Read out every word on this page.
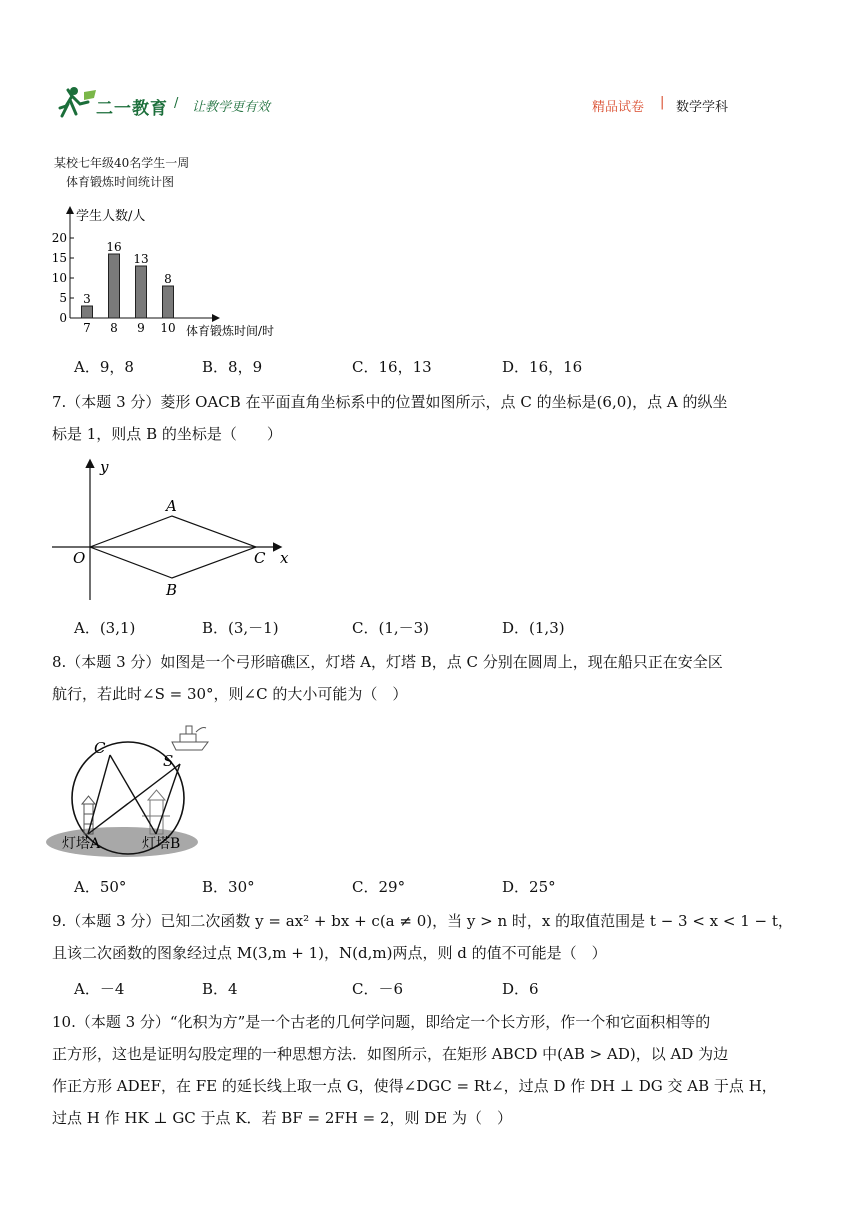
二一教育 / 让教学更有效	精品试卷 | 数学学科
某校七年级40名学生一周
体育锻炼时间统计图
学生人数/人
体育锻炼时间/时
0
5
10
15
20
3
7
16
8
13
9
8
10
A．9，8	B．8，9	C．16，13	D．16，16
7.（本题 3 分）菱形 OACB 在平面直角坐标系中的位置如图所示，点 C 的坐标是(6,0)，点 A 的纵坐
标是 1，则点 B 的坐标是（　　）
y
x
O
A
B
C
A．(3,1)	B．(3,－1)	C．(1,－3)	D．(1,3)
8.（本题 3 分）如图是一个弓形暗礁区，灯塔 A，灯塔 B，点 C 分别在圆周上，现在船只正在安全区
航行，若此时∠S = 30°，则∠C 的大小可能为（　）
C
S
灯塔A	灯塔B
A．50°	B．30°	C．29°	D．25°
9.（本题 3 分）已知二次函数 y = ax² + bx + c(a ≠ 0)，当 y > n 时，x 的取值范围是 t − 3 < x < 1 − t，
且该二次函数的图象经过点 M(3,m + 1)，N(d,m)两点，则 d 的值不可能是（　）
A．－4	B．4	C．－6	D．6
10.（本题 3 分）“化积为方”是一个古老的几何学问题，即给定一个长方形，作一个和它面积相等的
正方形，这也是证明勾股定理的一种思想方法．如图所示，在矩形 ABCD 中(AB > AD)，以 AD 为边
作正方形 ADEF，在 FE 的延长线上取一点 G，使得∠DGC = Rt∠，过点 D 作 DH ⊥ DG 交 AB 于点 H，
过点 H 作 HK ⊥ GC 于点 K．若 BF = 2FH = 2，则 DE 为（　）
